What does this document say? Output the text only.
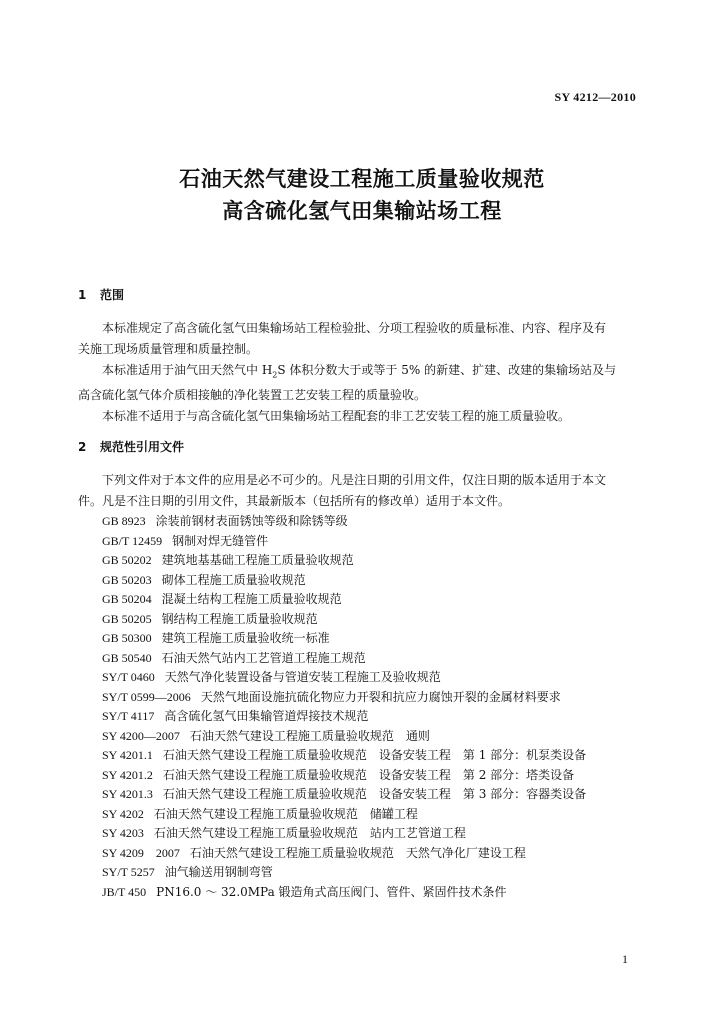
SY 4212—2010
石油天然气建设工程施工质量验收规范
高含硫化氢气田集输站场工程
1 范围
本标准规定了高含硫化氢气田集输场站工程检验批、分项工程验收的质量标准、内容、程序及有
关施工现场质量管理和质量控制。
本标准适用于油气田天然气中 $H_2S$ 体积分数大于或等于 5% 的新建、扩建、改建的集输场站及与
高含硫化氢气体介质相接触的净化装置工艺安装工程的质量验收。
本标准不适用于与高含硫化氢气田集输场站工程配套的非工艺安装工程的施工质量验收。
2 规范性引用文件
下列文件对于本文件的应用是必不可少的。凡是注日期的引用文件，仅注日期的版本适用于本文
件。凡是不注日期的引用文件，其最新版本（包括所有的修改单）适用于本文件。
GB 8923 涂装前钢材表面锈蚀等级和除锈等级
GB/T 12459 钢制对焊无缝管件
GB 50202 建筑地基基础工程施工质量验收规范
GB 50203 砌体工程施工质量验收规范
GB 50204 混凝土结构工程施工质量验收规范
GB 50205 钢结构工程施工质量验收规范
GB 50300 建筑工程施工质量验收统一标准
GB 50540 石油天然气站内工艺管道工程施工规范
SY/T 0460 天然气净化装置设备与管道安装工程施工及验收规范
SY/T 0599—2006 天然气地面设施抗硫化物应力开裂和抗应力腐蚀开裂的金属材料要求
SY/T 4117 高含硫化氢气田集输管道焊接技术规范
SY 4200—2007 石油天然气建设工程施工质量验收规范　通则
SY 4201.1 石油天然气建设工程施工质量验收规范　设备安装工程　第 1 部分：机泵类设备
SY 4201.2 石油天然气建设工程施工质量验收规范　设备安装工程　第 2 部分：塔类设备
SY 4201.3 石油天然气建设工程施工质量验收规范　设备安装工程　第 3 部分：容器类设备
SY 4202 石油天然气建设工程施工质量验收规范　储罐工程
SY 4203 石油天然气建设工程施工质量验收规范　站内工艺管道工程
SY 4209　2007 石油天然气建设工程施工质量验收规范　天然气净化厂建设工程
SY/T 5257 油气输送用钢制弯管
JB/T 450 PN16.0 ～ 32.0MPa 锻造角式高压阀门、管件、紧固件技术条件
1
